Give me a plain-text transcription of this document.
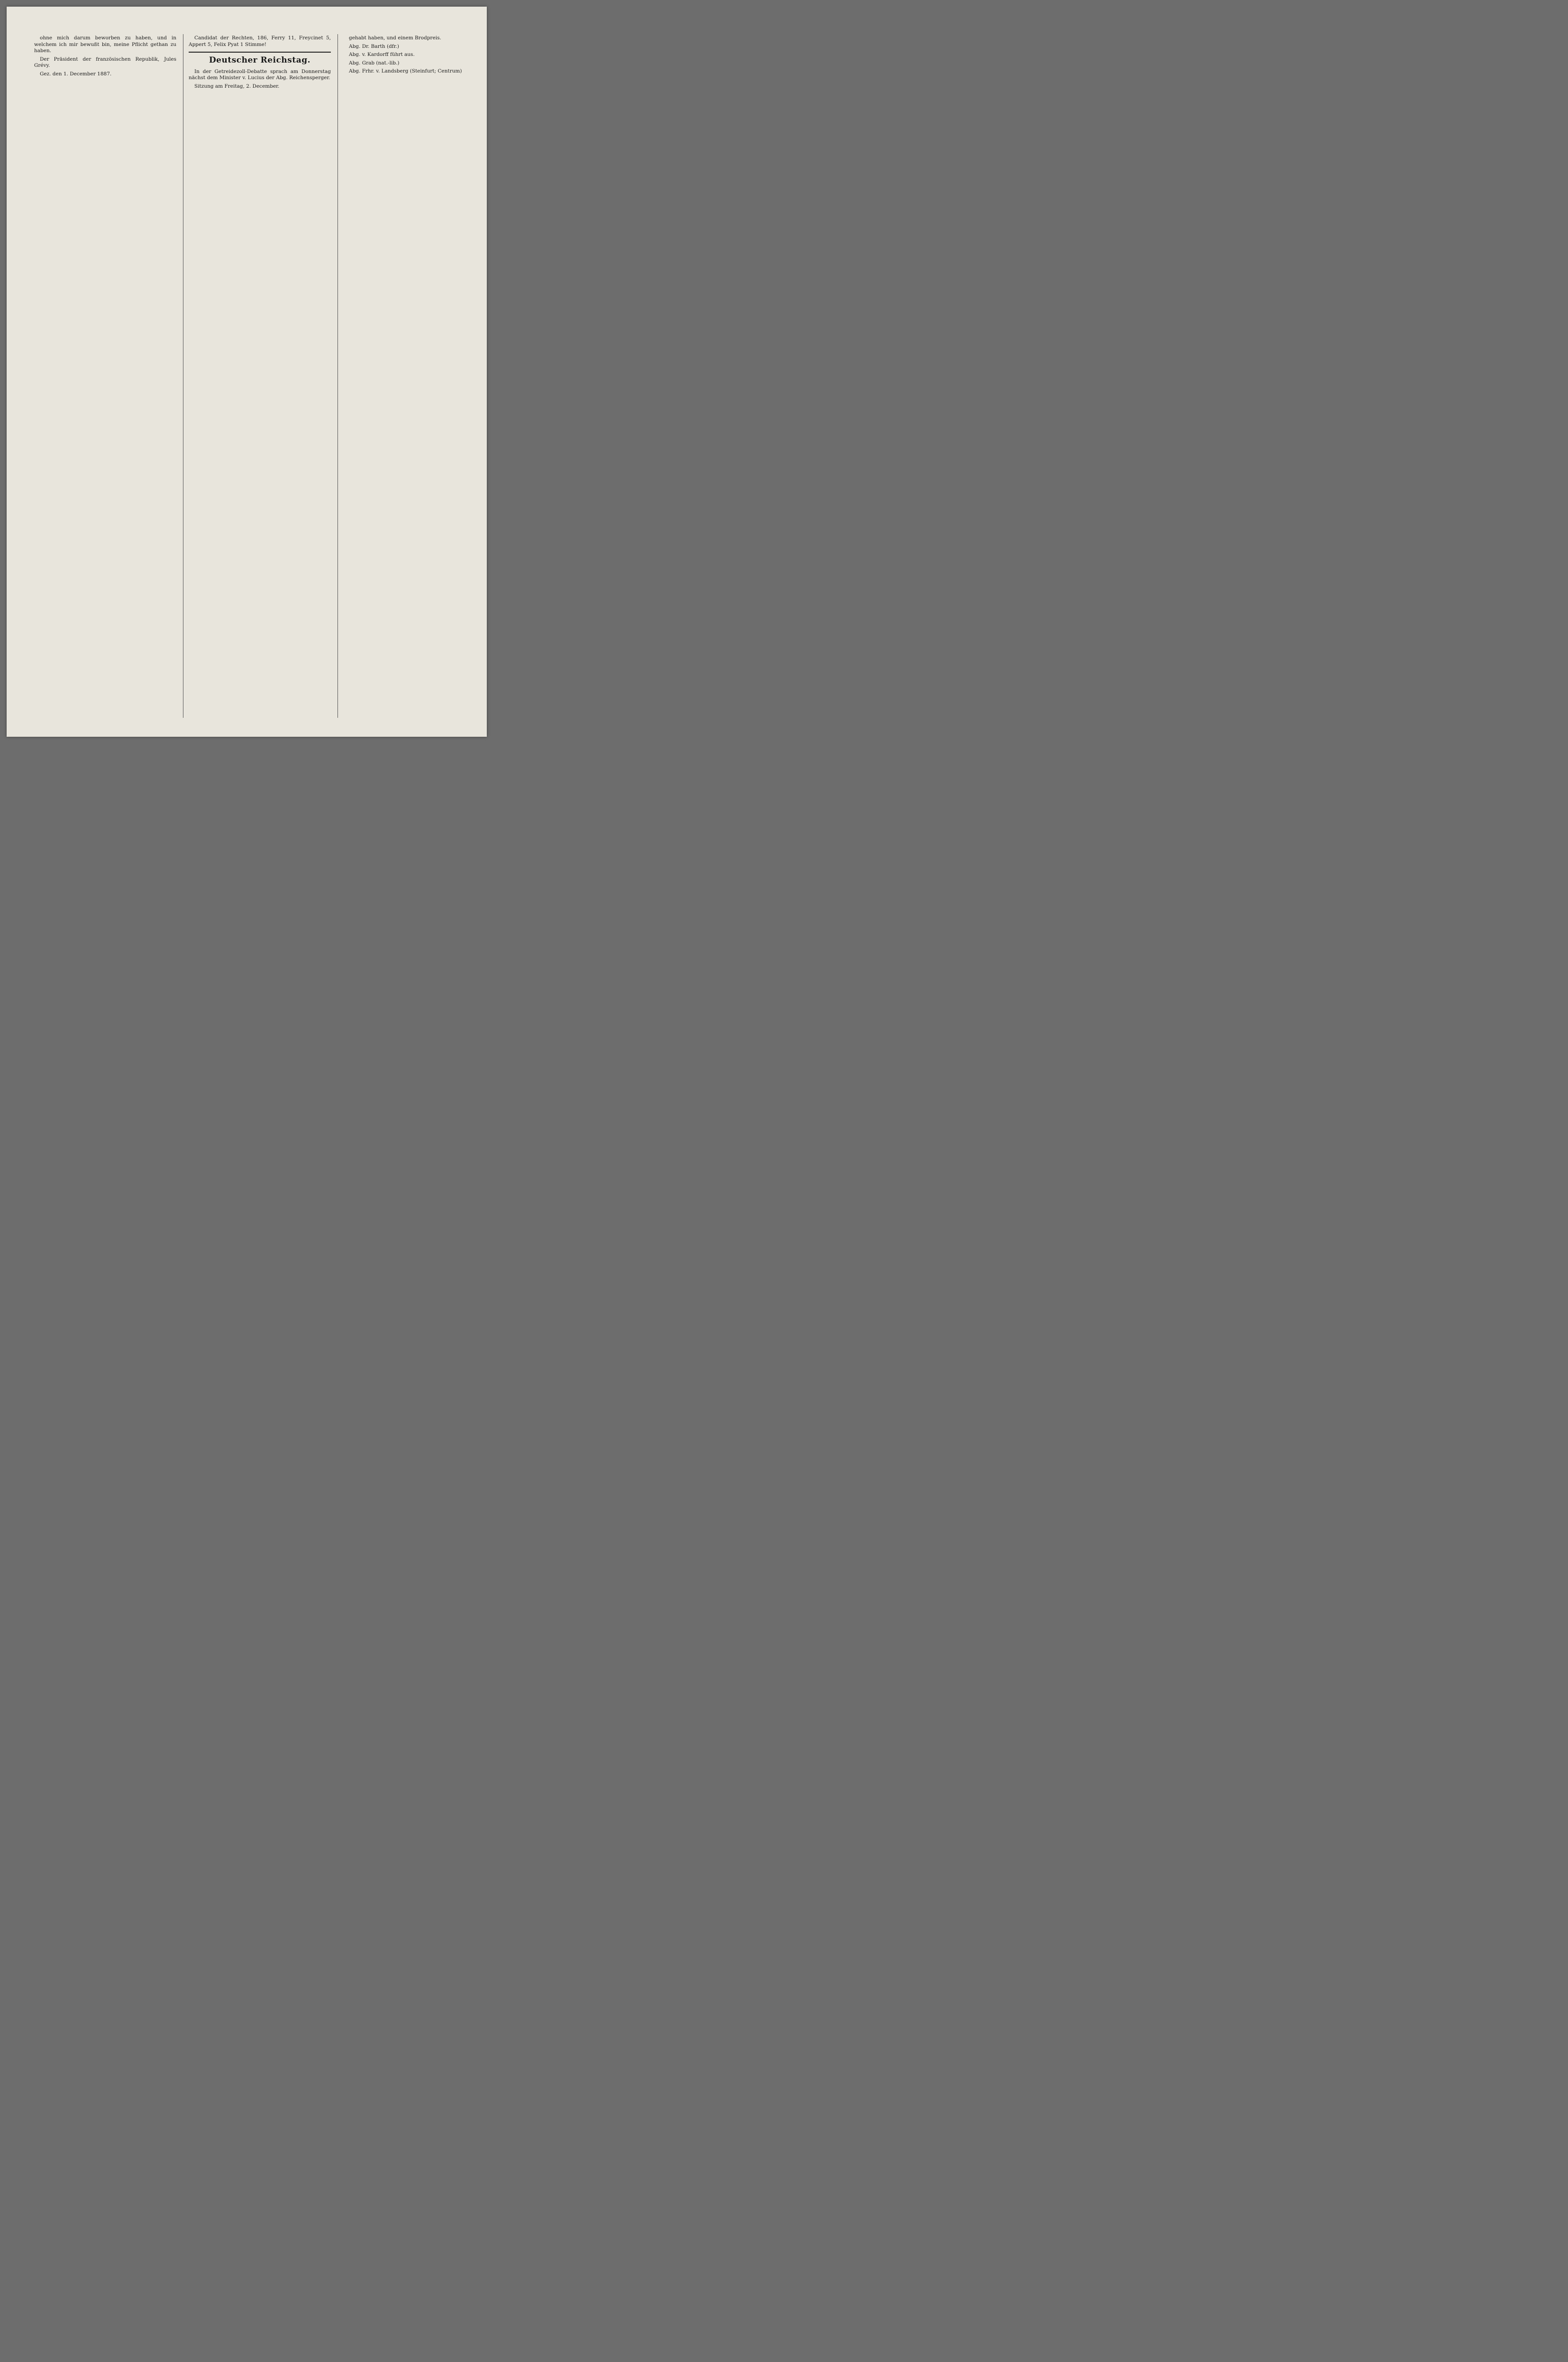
ohne mich darum beworben zu haben, und in welchem ich mir bewußt bin, meine Pflicht gethan zu haben.

Der Präsident der französischen Republik, Jules Grévy.

Gez. den 1. December 1887.

Candidat der Rechten, 186, Ferry 11, Freycinet 5, Appert 5, Felix Pyat 1 Stimme!

Deutscher Reichstag.

In der Getreidezoll-Debatte sprach am Donnerstag nächst dem Minister v. Lucius der Abg. Reichensperger.

Sitzung am Freitag, 2. December.

gehabt haben, und einem Brodpreis.

Abg. Dr. Barth (dfr.)

Abg. v. Kardorff führt aus.

Abg. Grab (nat.-lib.)

Abg. Frhr. v. Landsberg (Steinfurt; Centrum)
